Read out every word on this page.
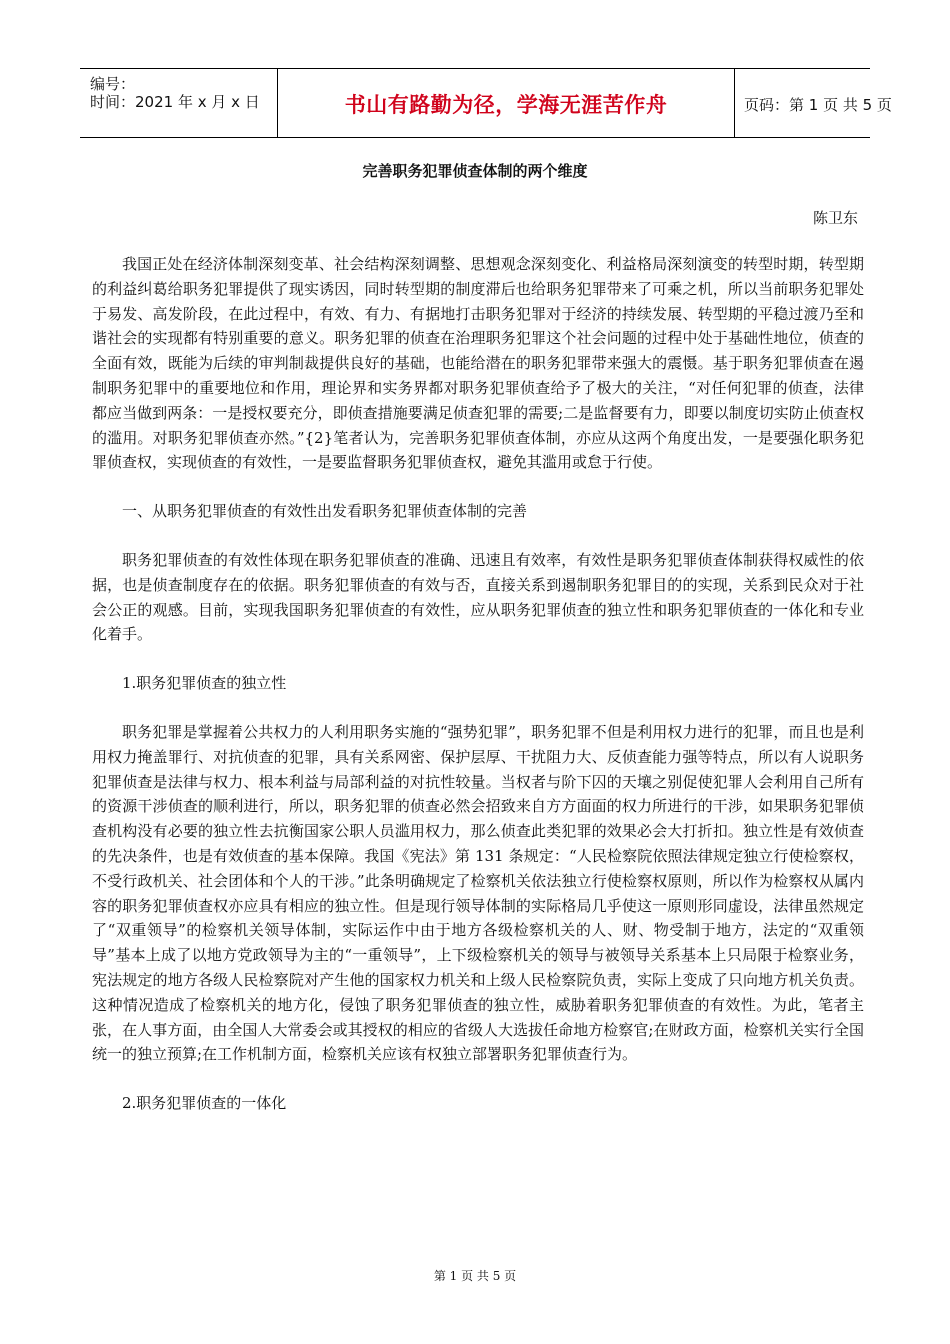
编号：
时间：2021 年 x 月 x 日	书山有路勤为径，学海无涯苦作舟	页码：第 1 页 共 5 页
完善职务犯罪侦查体制的两个维度
陈卫东

我国正处在经济体制深刻变革、社会结构深刻调整、思想观念深刻变化、利益格局深刻演变的转型时期，转型期的利益纠葛给职务犯罪提供了现实诱因，同时转型期的制度滞后也给职务犯罪带来了可乘之机，所以当前职务犯罪处于易发、高发阶段，在此过程中，有效、有力、有据地打击职务犯罪对于经济的持续发展、转型期的平稳过渡乃至和谐社会的实现都有特别重要的意义。职务犯罪的侦查在治理职务犯罪这个社会问题的过程中处于基础性地位，侦查的全面有效，既能为后续的审判制裁提供良好的基础，也能给潜在的职务犯罪带来强大的震慑。基于职务犯罪侦查在遏制职务犯罪中的重要地位和作用，理论界和实务界都对职务犯罪侦查给予了极大的关注，“对任何犯罪的侦查，法律都应当做到两条：一是授权要充分，即侦查措施要满足侦查犯罪的需要;二是监督要有力，即要以制度切实防止侦查权的滥用。对职务犯罪侦查亦然。”{2}笔者认为，完善职务犯罪侦查体制，亦应从这两个角度出发，一是要强化职务犯罪侦查权，实现侦查的有效性，一是要监督职务犯罪侦查权，避免其滥用或怠于行使。

一、从职务犯罪侦查的有效性出发看职务犯罪侦查体制的完善

职务犯罪侦查的有效性体现在职务犯罪侦查的准确、迅速且有效率，有效性是职务犯罪侦查体制获得权威性的依据，也是侦查制度存在的依据。职务犯罪侦查的有效与否，直接关系到遏制职务犯罪目的的实现，关系到民众对于社会公正的观感。目前，实现我国职务犯罪侦查的有效性，应从职务犯罪侦查的独立性和职务犯罪侦查的一体化和专业化着手。

1.职务犯罪侦查的独立性

职务犯罪是掌握着公共权力的人利用职务实施的“强势犯罪”，职务犯罪不但是利用权力进行的犯罪，而且也是利用权力掩盖罪行、对抗侦查的犯罪，具有关系网密、保护层厚、干扰阻力大、反侦查能力强等特点，所以有人说职务犯罪侦查是法律与权力、根本利益与局部利益的对抗性较量。当权者与阶下囚的天壤之别促使犯罪人会利用自己所有的资源干涉侦查的顺利进行，所以，职务犯罪的侦查必然会招致来自方方面面的权力所进行的干涉，如果职务犯罪侦查机构没有必要的独立性去抗衡国家公职人员滥用权力，那么侦查此类犯罪的效果必会大打折扣。独立性是有效侦查的先决条件，也是有效侦查的基本保障。我国《宪法》第 131 条规定：“人民检察院依照法律规定独立行使检察权，不受行政机关、社会团体和个人的干涉。”此条明确规定了检察机关依法独立行使检察权原则，所以作为检察权从属内容的职务犯罪侦查权亦应具有相应的独立性。但是现行领导体制的实际格局几乎使这一原则形同虚设，法律虽然规定了“双重领导”的检察机关领导体制，实际运作中由于地方各级检察机关的人、财、物受制于地方，法定的“双重领导”基本上成了以地方党政领导为主的“一重领导”，上下级检察机关的领导与被领导关系基本上只局限于检察业务，宪法规定的地方各级人民检察院对产生他的国家权力机关和上级人民检察院负责，实际上变成了只向地方机关负责。这种情况造成了检察机关的地方化，侵蚀了职务犯罪侦查的独立性，威胁着职务犯罪侦查的有效性。为此，笔者主张，在人事方面，由全国人大常委会或其授权的相应的省级人大选拔任命地方检察官;在财政方面，检察机关实行全国统一的独立预算;在工作机制方面，检察机关应该有权独立部署职务犯罪侦查行为。

2.职务犯罪侦查的一体化

第 1 页 共 5 页
